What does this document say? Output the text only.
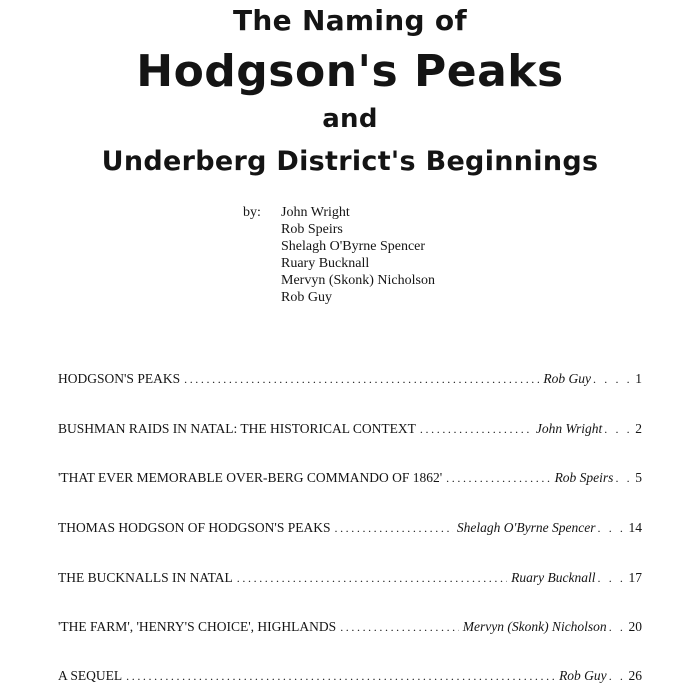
The Naming of
Hodgson's Peaks
and
Underberg District's Beginnings
by:	John Wright
Rob Speirs
Shelagh O'Byrne Spencer
Ruary Bucknall
Mervyn (Skonk) Nicholson
Rob Guy
HODGSON'S PEAKS .....	Rob Guy . . . . 1
BUSHMAN RAIDS IN NATAL: THE HISTORICAL CONTEXT .....	John Wright . . . 2
'THAT EVER MEMORABLE OVER-BERG COMMANDO OF 1862' .....	Rob Speirs . . 5
THOMAS HODGSON OF HODGSON'S PEAKS .....	Shelagh O'Byrne Spencer . . . 14
THE BUCKNALLS IN NATAL .....	Ruary Bucknall . . . 17
'THE FARM', 'HENRY'S CHOICE', HIGHLANDS .....	Mervyn (Skonk) Nicholson . . 20
A SEQUEL .....	Rob Guy . . 26
